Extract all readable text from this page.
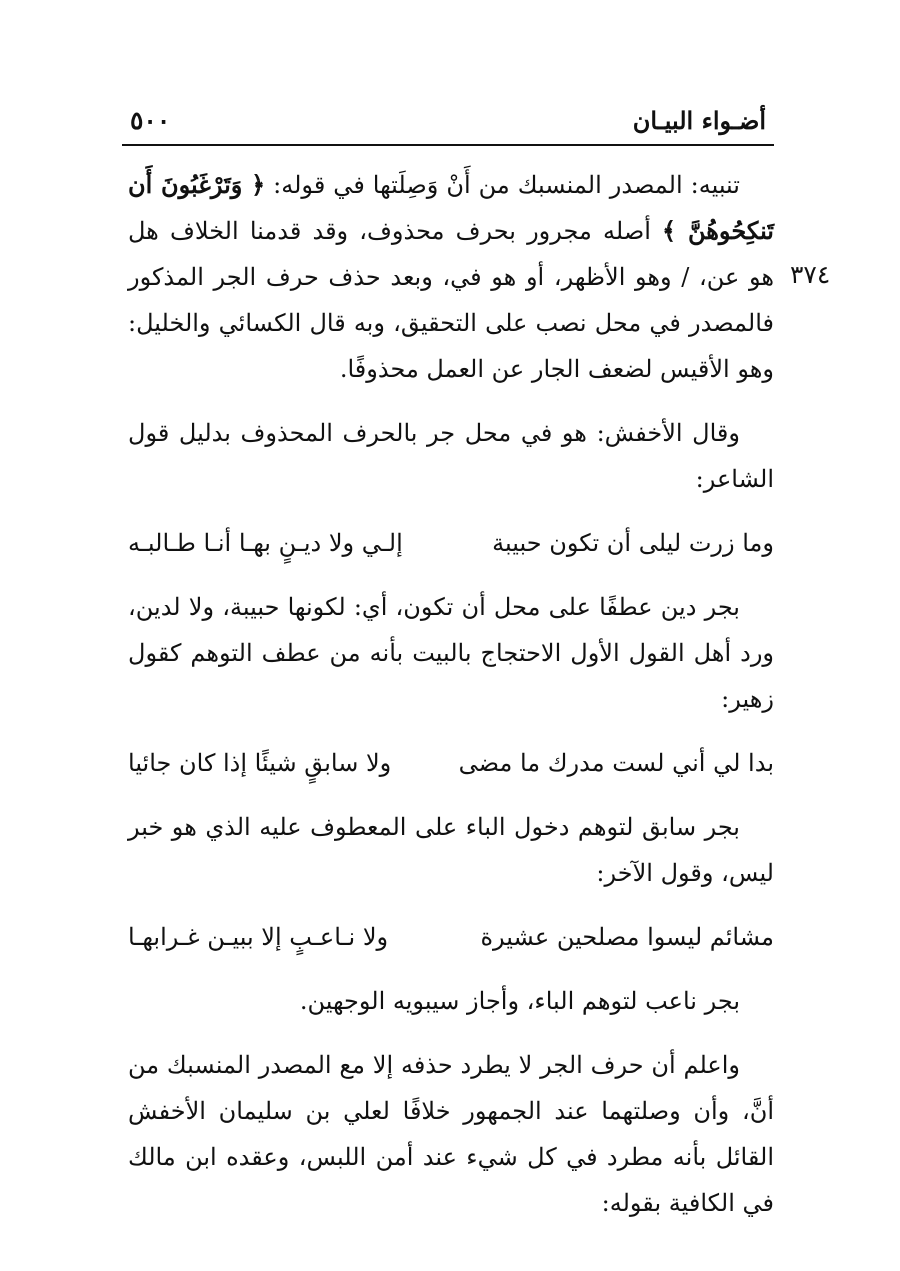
٥٠٠	أضـواء البيـان
٣٧٤

تنبيه: المصدر المنسبك من أَنْ وَصِلَتها في قوله: ﴿ وَتَرْغَبُونَ أَن تَنكِحُوهُنَّ ﴾ أصله مجرور بحرف محذوف، وقد قدمنا الخلاف هل هو عن، / وهو الأظهر، أو هو في، وبعد حذف حرف الجر المذكور فالمصدر في محل نصب على التحقيق، وبه قال الكسائي والخليل: وهو الأقيس لضعف الجار عن العمل محذوفًا.

وقال الأخفش: هو في محل جر بالحرف المحذوف بدليل قول الشاعر:

وما زرت ليلى أن تكون حبيبة
إلـي ولا ديـنٍ بهـا أنـا طـالبـه

بجر دين عطفًا على محل أن تكون، أي: لكونها حبيبة، ولا لدين، ورد أهل القول الأول الاحتجاج بالبيت بأنه من عطف التوهم كقول زهير:

بدا لي أني لست مدرك ما مضى
ولا سابقٍ شيئًا إذا كان جائيا

بجر سابق لتوهم دخول الباء على المعطوف عليه الذي هو خبر ليس، وقول الآخر:

مشائم ليسوا مصلحين عشيرة
ولا نـاعـبٍ إلا ببيـن غـرابهـا

بجر ناعب لتوهم الباء، وأجاز سيبويه الوجهين.

واعلم أن حرف الجر لا يطرد حذفه إلا مع المصدر المنسبك من أنَّ، وأن وصلتهما عند الجمهور خلافًا لعلي بن سليمان الأخفش القائل بأنه مطرد في كل شيء عند أمن اللبس، وعقده ابن مالك في الكافية بقوله:
